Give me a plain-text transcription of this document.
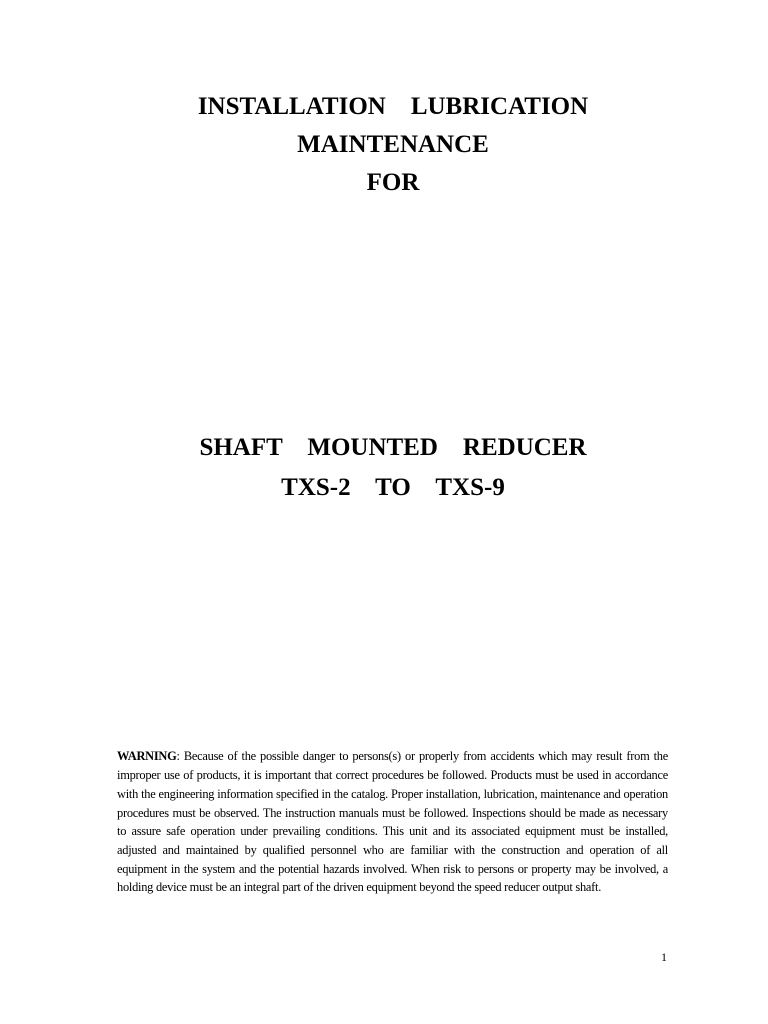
INSTALLATION    LUBRICATION
MAINTENANCE
FOR
SHAFT    MOUNTED    REDUCER
TXS-2    TO    TXS-9

WARNING: Because of the possible danger to persons(s) or properly from accidents which may result from the improper use of products, it is important that correct procedures be followed. Products must be used in accordance with the engineering information specified in the catalog. Proper installation, lubrication, maintenance and operation procedures must be observed. The instruction manuals must be followed. Inspections should be made as necessary to assure safe operation under prevailing conditions. This unit and its associated equipment must be installed, adjusted and maintained by qualified personnel who are familiar with the construction and operation of all equipment in the system and the potential hazards involved. When risk to persons or property may be involved, a holding device must be an integral part of the driven equipment beyond the speed reducer output shaft.

1
